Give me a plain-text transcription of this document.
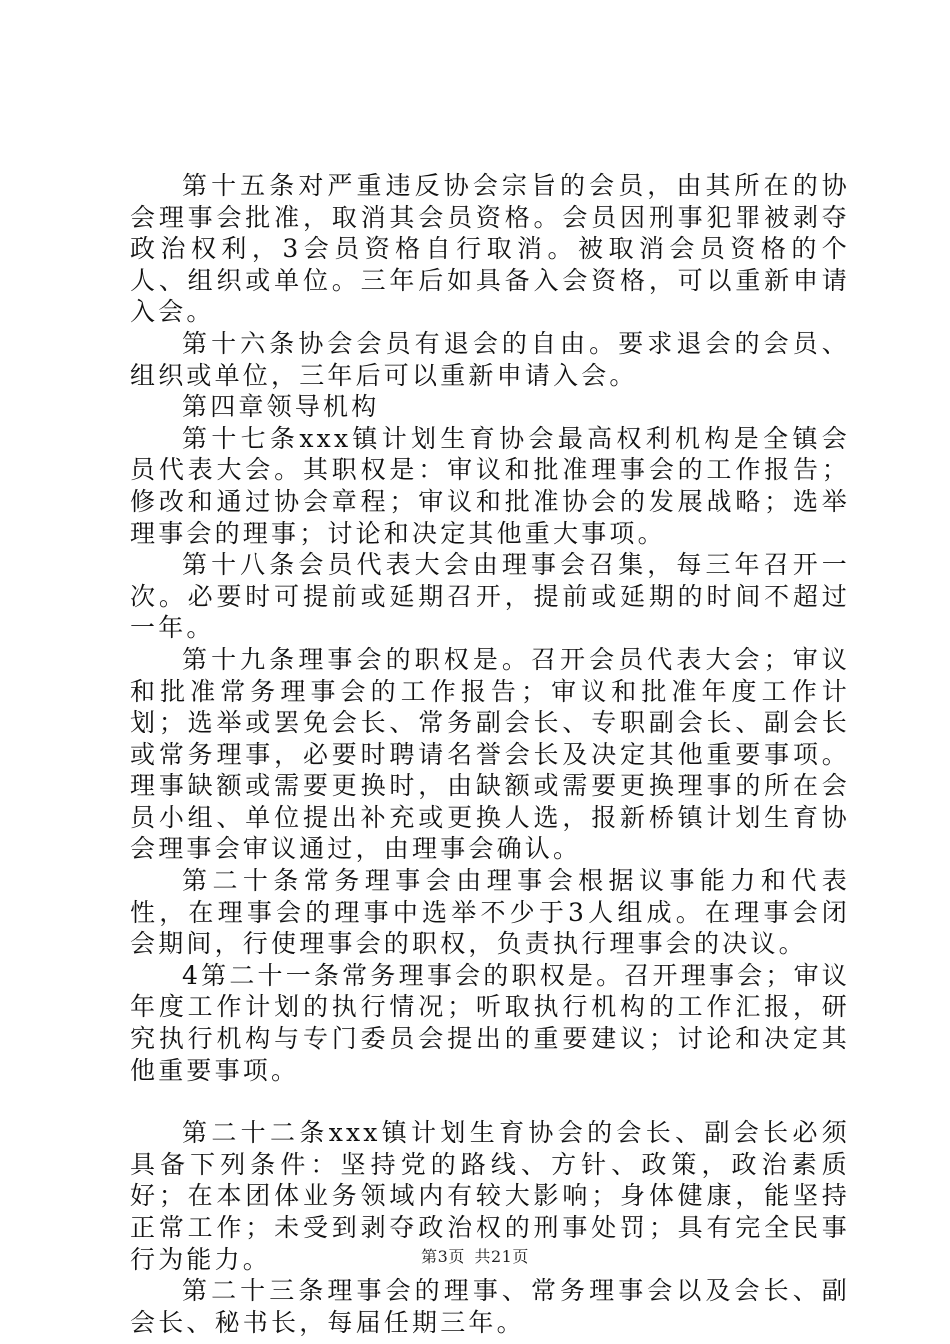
第十五条对严重违反协会宗旨的会员，由其所在的协会理事会批准，取消其会员资格。会员因刑事犯罪被剥夺政治权利，3会员资格自行取消。被取消会员资格的个人、组织或单位。三年后如具备入会资格，可以重新申请入会。

第十六条协会会员有退会的自由。要求退会的会员、组织或单位，三年后可以重新申请入会。

第四章领导机构

第十七条xxx镇计划生育协会最高权利机构是全镇会员代表大会。其职权是：审议和批准理事会的工作报告；修改和通过协会章程；审议和批准协会的发展战略；选举理事会的理事；讨论和决定其他重大事项。

第十八条会员代表大会由理事会召集，每三年召开一次。必要时可提前或延期召开，提前或延期的时间不超过一年。

第十九条理事会的职权是。召开会员代表大会；审议和批准常务理事会的工作报告；审议和批准年度工作计划；选举或罢免会长、常务副会长、专职副会长、副会长或常务理事，必要时聘请名誉会长及决定其他重要事项。理事缺额或需要更换时，由缺额或需要更换理事的所在会员小组、单位提出补充或更换人选，报新桥镇计划生育协会理事会审议通过，由理事会确认。

第二十条常务理事会由理事会根据议事能力和代表性，在理事会的理事中选举不少于3人组成。在理事会闭会期间，行使理事会的职权，负责执行理事会的决议。

4第二十一条常务理事会的职权是。召开理事会；审议年度工作计划的执行情况；听取执行机构的工作汇报，研究执行机构与专门委员会提出的重要建议；讨论和决定其他重要事项。

第二十二条xxx镇计划生育协会的会长、副会长必须具备下列条件：坚持党的路线、方针、政策，政治素质好；在本团体业务领域内有较大影响；身体健康，能坚持正常工作；未受到剥夺政治权的刑事处罚；具有完全民事行为能力。

第二十三条理事会的理事、常务理事会以及会长、副会长、秘书长，每届任期三年。

第3页 共21页
